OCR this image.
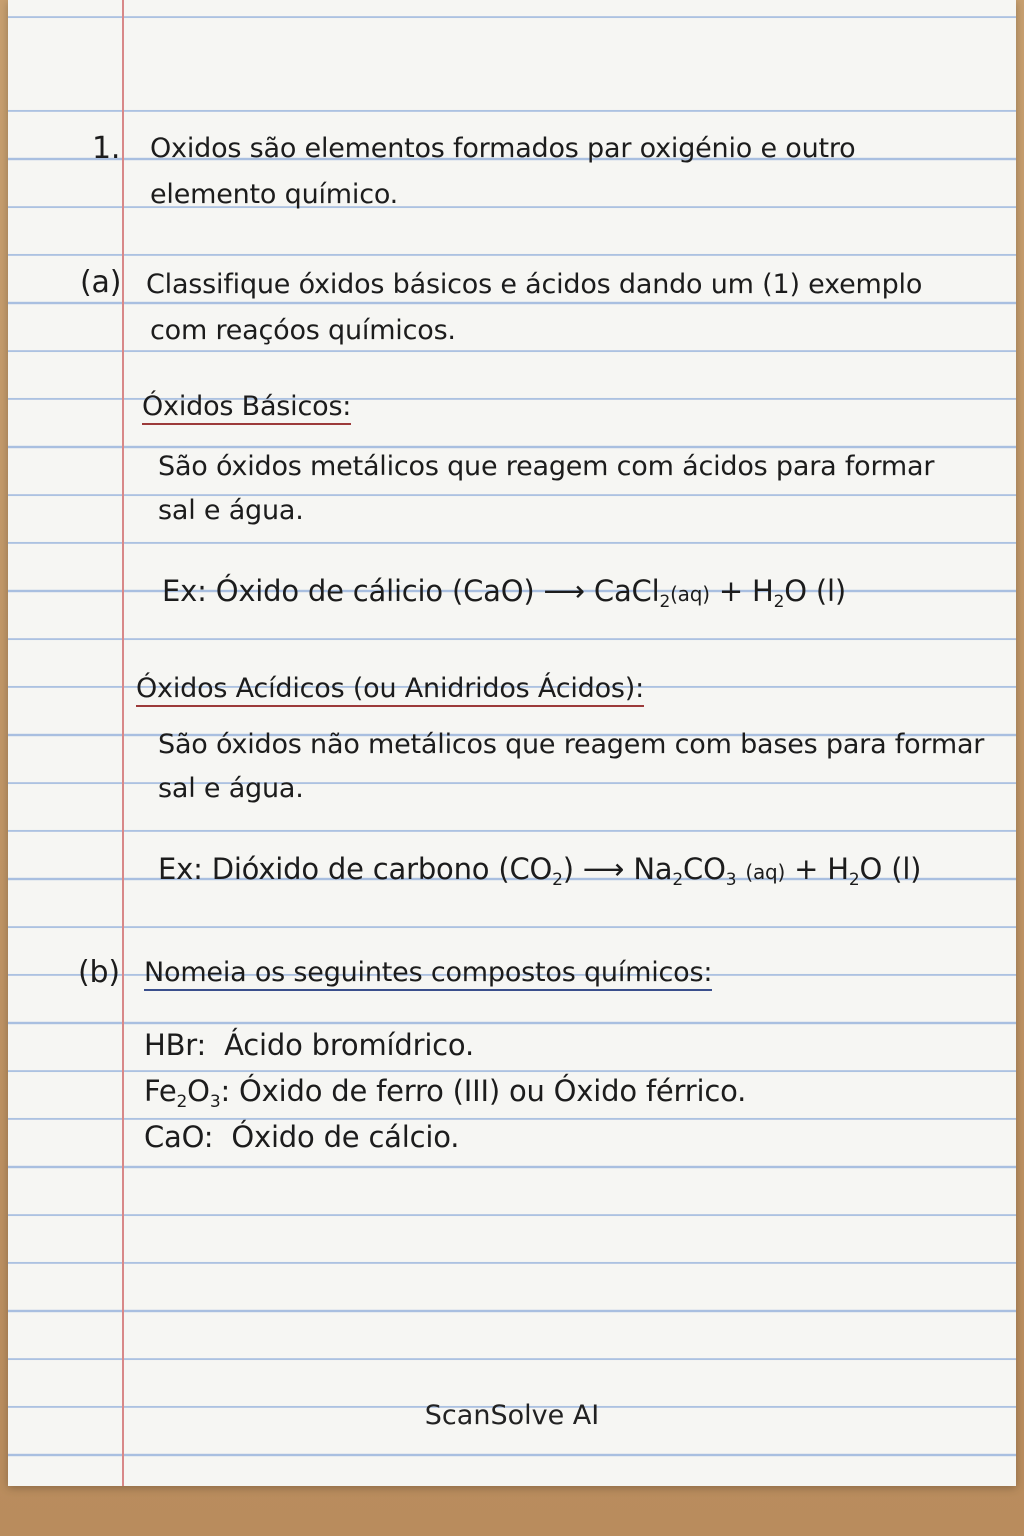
1. Oxidos são elementos formados par oxigénio e outro
elemento químico.
(a) Classifique óxidos básicos e ácidos dando um (1) exemplo
com reaçóos químicos.
Óxidos Básicos:
São óxidos metálicos que reagem com ácidos para formar
sal e água.
Ex: Óxido de cálicio (CaO) ⟶ CaCl$_2$(aq) + $H_2O$ (l)
Óxidos Acídicos (ou Anidridos Ácidos):
São óxidos não metálicos que reagem com bases para formar
sal e água.
Ex: Dióxido de carbono $(CO_2)$ ⟶ $Na_2CO_3$ $(aq) + H_2O$ (l)
(b) Nomeia os seguintes compostos químicos:
HBr: Ácido bromídrico.
$Fe_2O_3$: Óxido de ferro (III) ou Óxido férrico.
CaO: Óxido de cálcio.
ScanSolve AI
